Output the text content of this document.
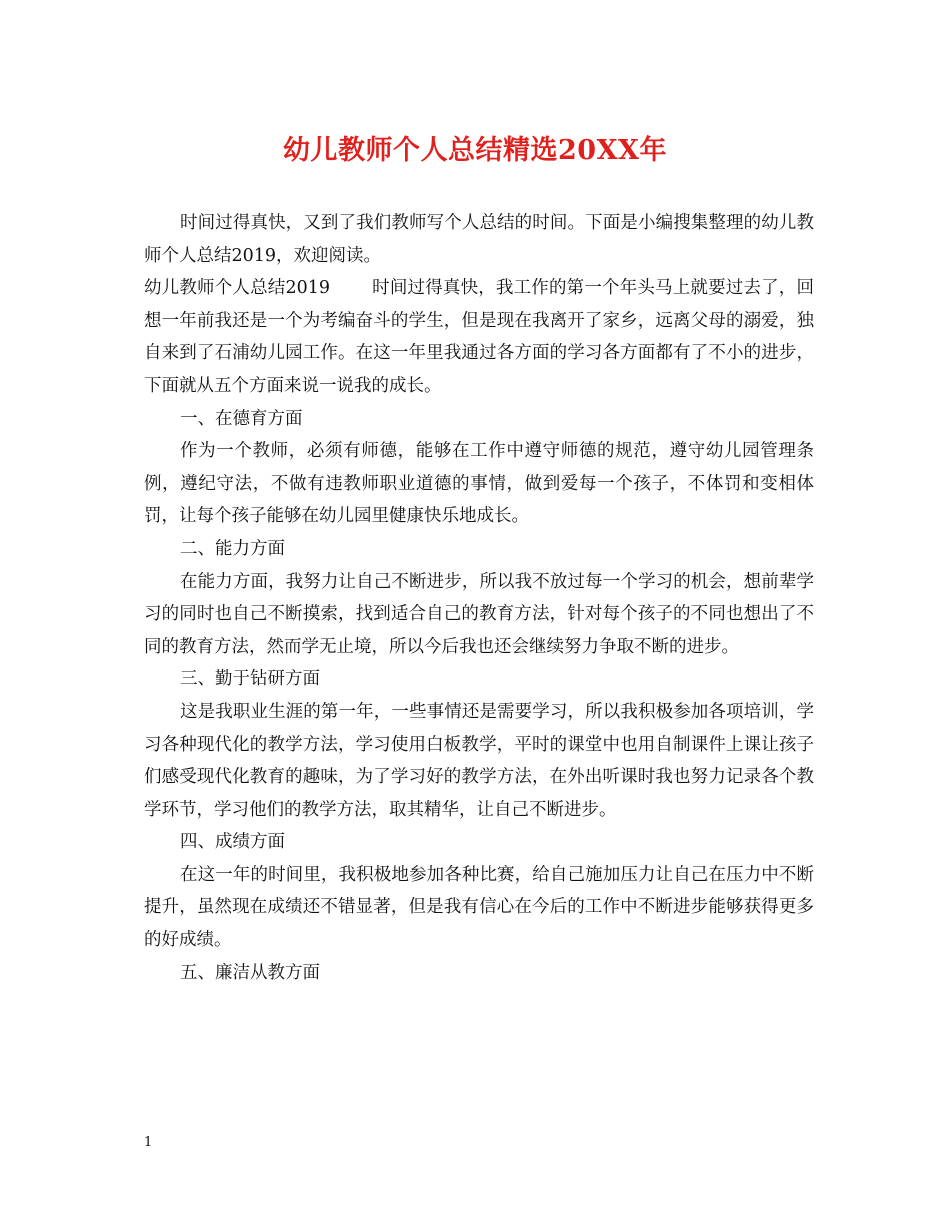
幼儿教师个人总结精选20XX年

时间过得真快，又到了我们教师写个人总结的时间。下面是小编搜集整理的幼儿教师个人总结2019，欢迎阅读。

幼儿教师个人总结2019 时间过得真快，我工作的第一个年头马上就要过去了，回想一年前我还是一个为考编奋斗的学生，但是现在我离开了家乡，远离父母的溺爱，独自来到了石浦幼儿园工作。在这一年里我通过各方面的学习各方面都有了不小的进步，下面就从五个方面来说一说我的成长。

一、在德育方面

作为一个教师，必须有师德，能够在工作中遵守师德的规范，遵守幼儿园管理条例，遵纪守法，不做有违教师职业道德的事情，做到爱每一个孩子，不体罚和变相体罚，让每个孩子能够在幼儿园里健康快乐地成长。

二、能力方面

在能力方面，我努力让自己不断进步，所以我不放过每一个学习的机会，想前辈学习的同时也自己不断摸索，找到适合自己的教育方法，针对每个孩子的不同也想出了不同的教育方法，然而学无止境，所以今后我也还会继续努力争取不断的进步。

三、勤于钻研方面

这是我职业生涯的第一年，一些事情还是需要学习，所以我积极参加各项培训，学习各种现代化的教学方法，学习使用白板教学，平时的课堂中也用自制课件上课让孩子们感受现代化教育的趣味，为了学习好的教学方法，在外出听课时我也努力记录各个教学环节，学习他们的教学方法，取其精华，让自己不断进步。

四、成绩方面

在这一年的时间里，我积极地参加各种比赛，给自己施加压力让自己在压力中不断提升，虽然现在成绩还不错显著，但是我有信心在今后的工作中不断进步能够获得更多的好成绩。

五、廉洁从教方面

1
